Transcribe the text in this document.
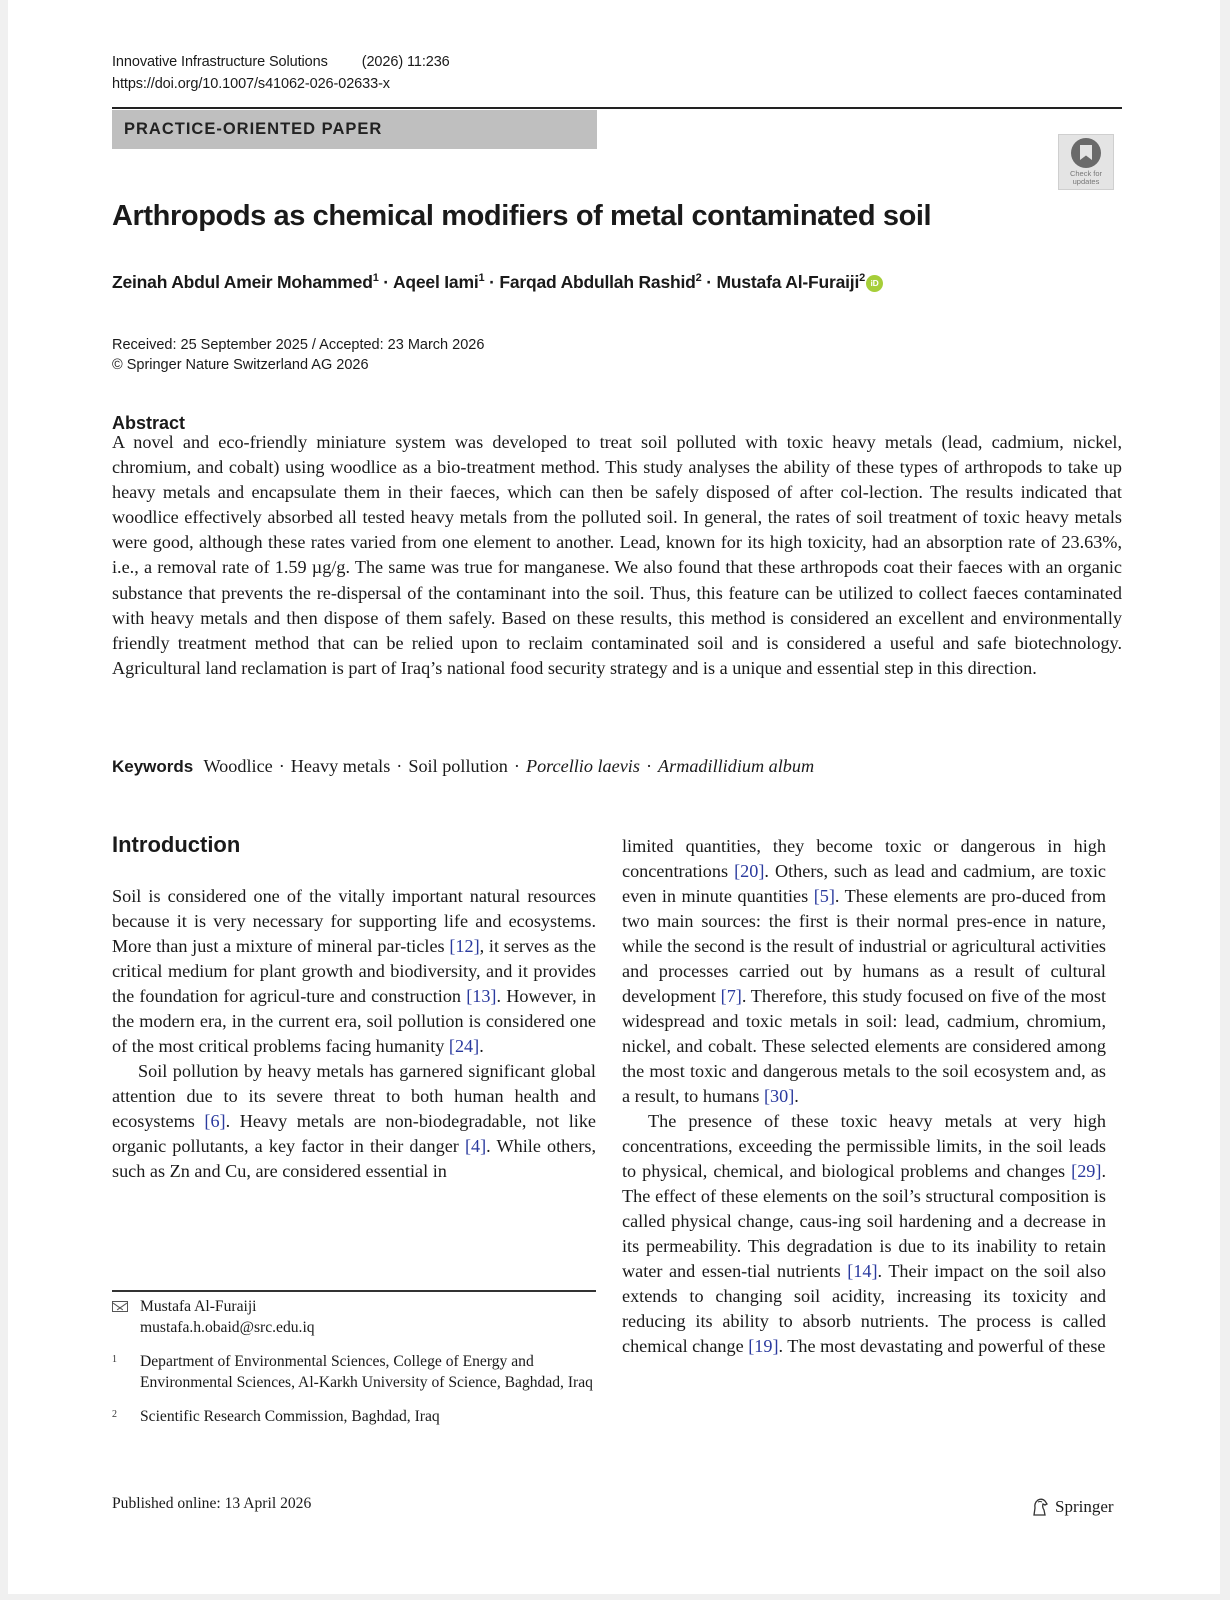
Innovative Infrastructure Solutions (2026) 11:236
https://doi.org/10.1007/s41062-026-02633-x
PRACTICE-ORIENTED PAPER
Check for updates
Arthropods as chemical modifiers of metal contaminated soil
Zeinah Abdul Ameir Mohammed$^1$ · Aqeel Iami$^1$ · Farqad Abdullah Rashid$^2$ · Mustafa Al-Furaiji$^2$ iD
Received: 25 September 2025 / Accepted: 23 March 2026
© Springer Nature Switzerland AG 2026
Abstract
A novel and eco-friendly miniature system was developed to treat soil polluted with toxic heavy metals (lead, cadmium, nickel, chromium, and cobalt) using woodlice as a bio-treatment method. This study analyses the ability of these types of arthropods to take up heavy metals and encapsulate them in their faeces, which can then be safely disposed of after col-lection. The results indicated that woodlice effectively absorbed all tested heavy metals from the polluted soil. In general, the rates of soil treatment of toxic heavy metals were good, although these rates varied from one element to another. Lead, known for its high toxicity, had an absorption rate of 23.63%, i.e., a removal rate of 1.59 µg/g. The same was true for manganese. We also found that these arthropods coat their faeces with an organic substance that prevents the re-dispersal of the contaminant into the soil. Thus, this feature can be utilized to collect faeces contaminated with heavy metals and then dispose of them safely. Based on these results, this method is considered an excellent and environmentally friendly treatment method that can be relied upon to reclaim contaminated soil and is considered a useful and safe biotechnology. Agricultural land reclamation is part of Iraq’s national food security strategy and is a unique and essential step in this direction.
Keywords Woodlice · Heavy metals · Soil pollution · Porcellio laevis · Armadillidium album
Introduction

Soil is considered one of the vitally important natural resources because it is very necessary for supporting life and ecosystems. More than just a mixture of mineral par-ticles [12], it serves as the critical medium for plant growth and biodiversity, and it provides the foundation for agricul-ture and construction [13]. However, in the modern era, in the current era, soil pollution is considered one of the most critical problems facing humanity [24].

Soil pollution by heavy metals has garnered significant global attention due to its severe threat to both human health and ecosystems [6]. Heavy metals are non-biodegradable, not like organic pollutants, a key factor in their danger [4]. While others, such as Zn and Cu, are considered essential in

limited quantities, they become toxic or dangerous in high concentrations [20]. Others, such as lead and cadmium, are toxic even in minute quantities [5]. These elements are pro-duced from two main sources: the first is their normal pres-ence in nature, while the second is the result of industrial or agricultural activities and processes carried out by humans as a result of cultural development [7]. Therefore, this study focused on five of the most widespread and toxic metals in soil: lead, cadmium, chromium, nickel, and cobalt. These selected elements are considered among the most toxic and dangerous metals to the soil ecosystem and, as a result, to humans [30].

The presence of these toxic heavy metals at very high concentrations, exceeding the permissible limits, in the soil leads to physical, chemical, and biological problems and changes [29]. The effect of these elements on the soil’s structural composition is called physical change, caus-ing soil hardening and a decrease in its permeability. This degradation is due to its inability to retain water and essen-tial nutrients [14]. Their impact on the soil also extends to changing soil acidity, increasing its toxicity and reducing its ability to absorb nutrients. The process is called chemical change [19]. The most devastating and powerful of these

Mustafa Al-Furaiji
mustafa.h.obaid@src.edu.iq
1	Department of Environmental Sciences, College of Energy and Environmental Sciences, Al-Karkh University of Science, Baghdad, Iraq
2	Scientific Research Commission, Baghdad, Iraq
Published online: 13 April 2026	Springer
